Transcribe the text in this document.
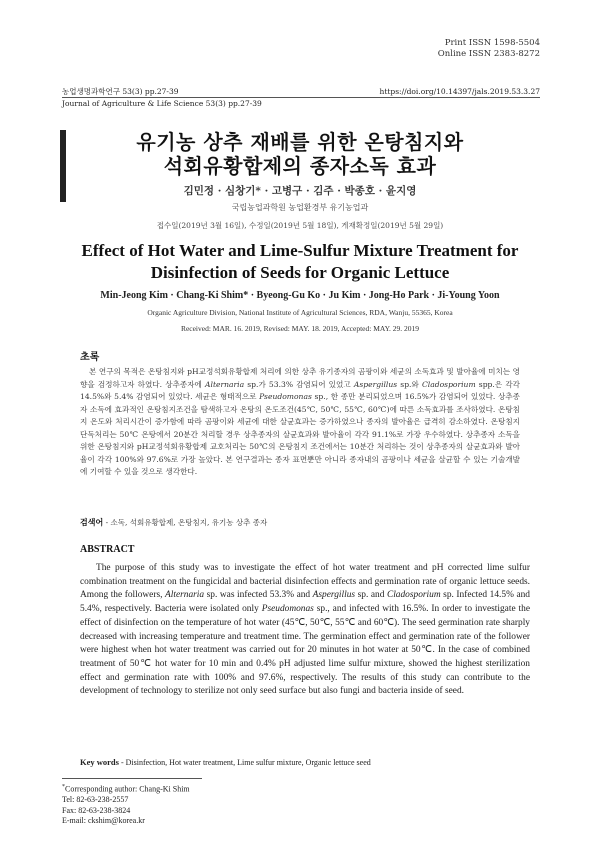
Print ISSN 1598-5504
Online ISSN 2383-8272
농업생명과학연구 53(3) pp.27-39	https://doi.org/10.14397/jals.2019.53.3.27
Journal of Agriculture & Life Science 53(3) pp.27-39
유기농 상추 재배를 위한 온탕침지와
석회유황합제의 종자소독 효과
김민정 · 심창기* · 고병구 · 김주 · 박종호 · 윤지영
국립농업과학원 농업환경부 유기농업과
접수일(2019년 3월 16일), 수정일(2019년 5월 18일), 게재확정일(2019년 5월 29일)
Effect of Hot Water and Lime-Sulfur Mixture Treatment for
Disinfection of Seeds for Organic Lettuce
Min-Jeong Kim · Chang-Ki Shim* · Byeong-Gu Ko · Ju Kim · Jong-Ho Park · Ji-Young Yoon
Organic Agriculture Division, National Institute of Agricultural Sciences, RDA, Wanju, 55365, Korea
Received: MAR. 16. 2019, Revised: MAY. 18. 2019, Accepted: MAY. 29. 2019
초록
본 연구의 목적은 온탕침지와 pH교정석회유황합제 처리에 의한 상추 유기종자의 곰팡이와 세균의 소독효과 및 발아율에 미치는 영향을 검정하고자 하였다. 상추종자에 Alternaria sp.가 53.3% 감염되어 있었고 Aspergillus sp.와 Cladosporium spp.은 각각 14.5%와 5.4% 감염되어 있었다. 세균은 형태적으로 Pseudomonas sp., 한 종만 분리되었으며 16.5%가 감염되어 있었다. 상추종자 소독에 효과적인 온탕침지조건을 탐색하고자 온탕의 온도조건(45℃, 50℃, 55℃, 60℃)에 따른 소독효과를 조사하였다. 온탕침지 온도와 처리시간이 증가함에 따라 곰팡이와 세균에 대한 살균효과는 증가하였으나 종자의 발아율은 급격히 감소하였다. 온탕침지 단독처리는 50℃ 온탕에서 20분간 처리할 경우 상추종자의 살균효과와 발아율이 각각 91.1%로 가장 우수하였다. 상추종자 소독을 위한 온탕침지와 pH교정석회유황합제 교호처리는 50℃의 온탕침지 조건에서는 10분간 처리하는 것이 상추종자의 살균효과와 발아율이 각각 100%와 97.6%로 가장 높았다. 본 연구결과는 종자 표면뿐만 아니라 종자내의 곰팡이나 세균을 살균할 수 있는 기술개발에 기여할 수 있을 것으로 생각한다.
검색어 - 소독, 석회유황합제, 온탕침지, 유기농 상추 종자
ABSTRACT
The purpose of this study was to investigate the effect of hot water treatment and pH corrected lime sulfur combination treatment on the fungicidal and bacterial disinfection effects and germination rate of organic lettuce seeds. Among the followers, Alternaria sp. was infected 53.3% and Aspergillus sp. and Cladosporium sp. Infected 14.5% and 5.4%, respectively. Bacteria were isolated only Pseudomonas sp., and infected with 16.5%. In order to investigate the effect of disinfection on the temperature of hot water (45℃, 50℃, 55℃ and 60℃). The seed germination rate sharply decreased with increasing temperature and treatment time. The germination effect and germination rate of the follower were highest when hot water treatment was carried out for 20 minutes in hot water at 50℃. In the case of combined treatment of 50℃ hot water for 10 min and 0.4% pH adjusted lime sulfur mixture, showed the highest sterilization effect and germination rate with 100% and 97.6%, respectively. The results of this study can contribute to the development of technology to sterilize not only seed surface but also fungi and bacteria inside of seed.
Key words - Disinfection, Hot water treatment, Lime sulfur mixture, Organic lettuce seed
*Corresponding author: Chang-Ki Shim
Tel: 82-63-238-2557
Fax: 82-63-238-3824
E-mail: ckshim@korea.kr
